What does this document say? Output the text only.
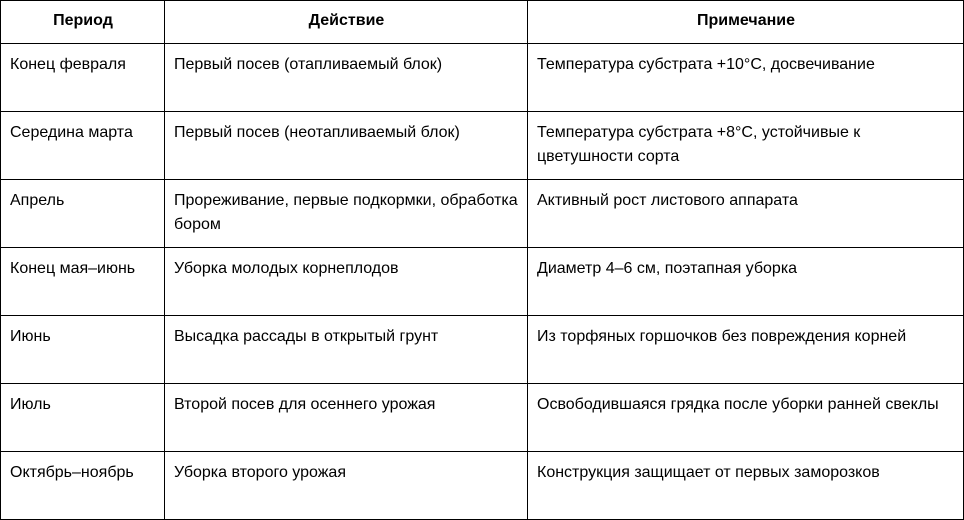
Период	Действие	Примечание
Конец февраля	Первый посев (отапливаемый блок)	Температура субстрата +10°C, досвечивание
Середина марта	Первый посев (неотапливаемый блок)	Температура субстрата +8°C, устойчивые к цветушности сорта
Апрель	Прореживание, первые подкормки, обработка бором	Активный рост листового аппарата
Конец мая–июнь	Уборка молодых корнеплодов	Диаметр 4–6 см, поэтапная уборка
Июнь	Высадка рассады в открытый грунт	Из торфяных горшочков без повреждения корней
Июль	Второй посев для осеннего урожая	Освободившаяся грядка после уборки ранней свеклы
Октябрь–ноябрь	Уборка второго урожая	Конструкция защищает от первых заморозков
